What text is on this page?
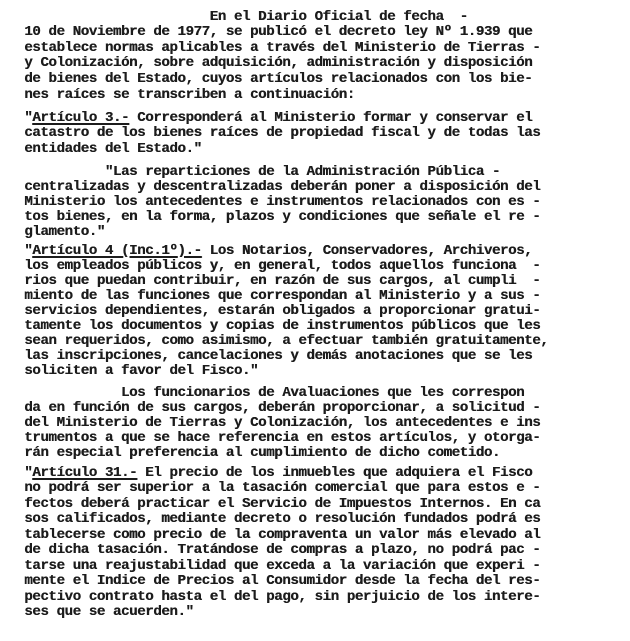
En el Diario Oficial de fecha  -
10 de Noviembre de 1977, se publicó el decreto ley Nº 1.939 que
establece normas aplicables a través del Ministerio de Tierras -
y Colonización, sobre adquisición, administración y disposición
de bienes del Estado, cuyos artículos relacionados con los bie-
nes raíces se transcriben a continuación:
"Artículo 3.- Corresponderá al Ministerio formar y conservar el
catastro de los bienes raíces de propiedad fiscal y de todas las
entidades del Estado."
"Las reparticiones de la Administración Pública -
centralizadas y descentralizadas deberán poner a disposición del
Ministerio los antecedentes e instrumentos relacionados con es -
tos bienes, en la forma, plazos y condiciones que señale el re -
glamento."
"Artículo 4 (Inc.1º).- Los Notarios, Conservadores, Archiveros,
los empleados públicos y, en general, todos aquellos funciona  -
rios que puedan contribuir, en razón de sus cargos, al cumpli  -
miento de las funciones que correspondan al Ministerio y a sus -
servicios dependientes, estarán obligados a proporcionar gratui-
tamente los documentos y copias de instrumentos públicos que les
sean requeridos, como asimismo, a efectuar también gratuitamente,
las inscripciones, cancelaciones y demás anotaciones que se les
soliciten a favor del Fisco."
Los funcionarios de Avaluaciones que les correspon
da en función de sus cargos, deberán proporcionar, a solicitud -
del Ministerio de Tierras y Colonización, los antecedentes e ins
trumentos a que se hace referencia en estos artículos, y otorga-
rán especial preferencia al cumplimiento de dicho cometido.
"Artículo 31.- El precio de los inmuebles que adquiera el Fisco
no podrá ser superior a la tasación comercial que para estos e -
fectos deberá practicar el Servicio de Impuestos Internos. En ca
sos calificados, mediante decreto o resolución fundados podrá es
tablecerse como precio de la compraventa un valor más elevado al
de dicha tasación. Tratándose de compras a plazo, no podrá pac -
tarse una reajustabilidad que exceda a la variación que experi -
mente el Indice de Precios al Consumidor desde la fecha del res-
pectivo contrato hasta el del pago, sin perjuicio de los intere-
ses que se acuerden."
